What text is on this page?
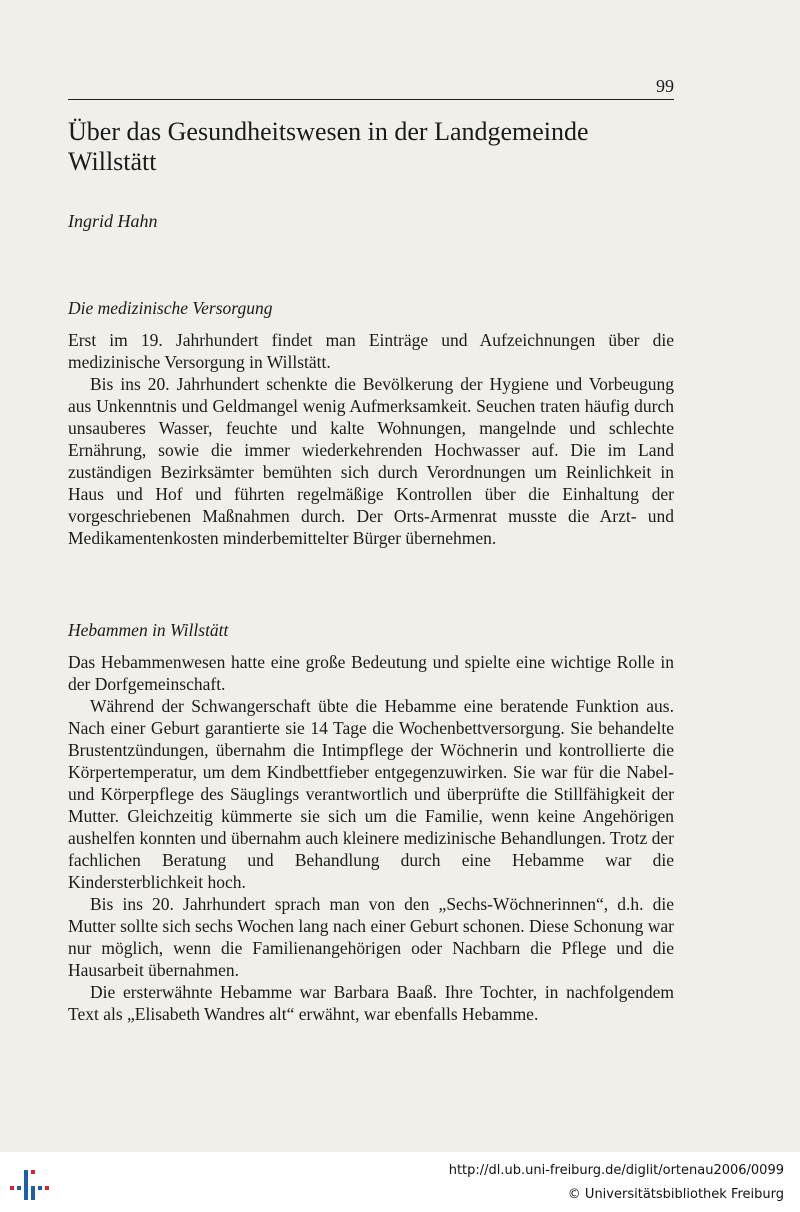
99
Über das Gesundheitswesen in der Landgemeinde Willstätt

Ingrid Hahn

Die medizinische Versorgung

Erst im 19. Jahrhundert findet man Einträge und Aufzeichnungen über die medizinische Versorgung in Willstätt.

Bis ins 20. Jahrhundert schenkte die Bevölkerung der Hygiene und Vorbeugung aus Unkenntnis und Geldmangel wenig Aufmerksamkeit. Seuchen traten häufig durch unsauberes Wasser, feuchte und kalte Wohnungen, mangelnde und schlechte Ernährung, sowie die immer wiederkehrenden Hochwasser auf. Die im Land zuständigen Bezirksämter bemühten sich durch Verordnungen um Reinlichkeit in Haus und Hof und führten regelmäßige Kontrollen über die Einhaltung der vorgeschriebenen Maßnahmen durch. Der Orts-Armenrat musste die Arzt- und Medikamentenkosten minderbemittelter Bürger übernehmen.

Hebammen in Willstätt

Das Hebammenwesen hatte eine große Bedeutung und spielte eine wichtige Rolle in der Dorfgemeinschaft.

Während der Schwangerschaft übte die Hebamme eine beratende Funktion aus. Nach einer Geburt garantierte sie 14 Tage die Wochenbettversorgung. Sie behandelte Brustentzündungen, übernahm die Intimpflege der Wöchnerin und kontrollierte die Körpertemperatur, um dem Kindbettfieber entgegenzuwirken. Sie war für die Nabel- und Körperpflege des Säuglings verantwortlich und überprüfte die Stillfähigkeit der Mutter. Gleichzeitig kümmerte sie sich um die Familie, wenn keine Angehörigen aushelfen konnten und übernahm auch kleinere medizinische Behandlungen. Trotz der fachlichen Beratung und Behandlung durch eine Hebamme war die Kindersterblichkeit hoch.

Bis ins 20. Jahrhundert sprach man von den „Sechs-Wöchnerinnen“, d.h. die Mutter sollte sich sechs Wochen lang nach einer Geburt schonen. Diese Schonung war nur möglich, wenn die Familienangehörigen oder Nachbarn die Pflege und die Hausarbeit übernahmen.

Die ersterwähnte Hebamme war Barbara Baaß. Ihre Tochter, in nachfolgendem Text als „Elisabeth Wandres alt“ erwähnt, war ebenfalls Hebamme.

http://dl.ub.uni-freiburg.de/diglit/ortenau2006/0099
© Universitätsbibliothek Freiburg
